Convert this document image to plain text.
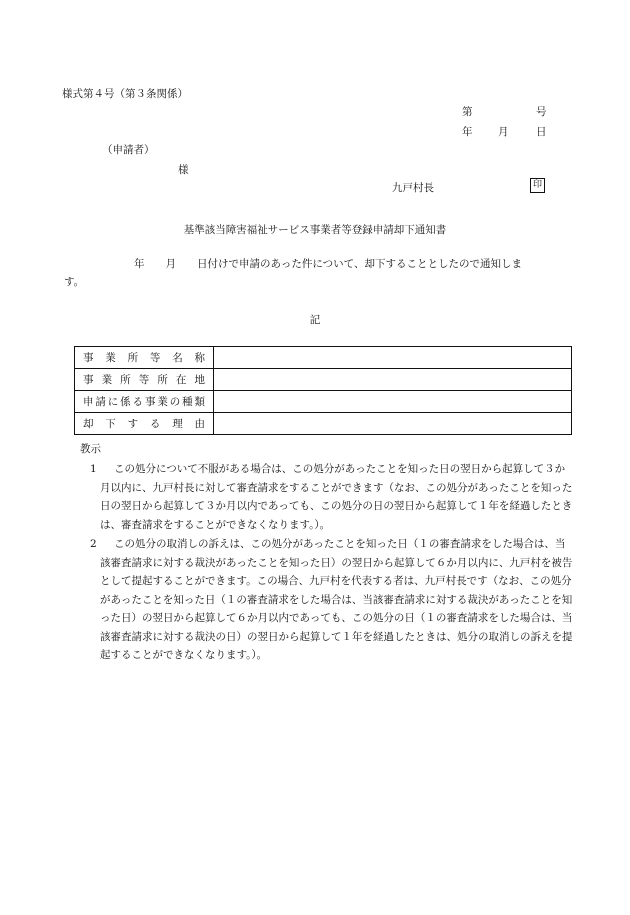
様式第４号（第３条関係）
第	号
年 月	日
（申請者）
様
九戸村長	印
基準該当障害福祉サービス事業者等登録申請却下通知書
年　　月　　日付けで申請のあった件について、却下することとしたので通知しま
す。
記
事業所等名称	
事業所等所在地	
申請に係る事業の種類	
却下する理由	
教示
1	この処分について不服がある場合は、この処分があったことを知った日の翌日から起算して３か月以内に、九戸村長に対して審査請求をすることができます（なお、この処分があったことを知った日の翌日から起算して３か月以内であっても、この処分の日の翌日から起算して１年を経過したときは、審査請求をすることができなくなります。）。
2	この処分の取消しの訴えは、この処分があったことを知った日（１の審査請求をした場合は、当該審査請求に対する裁決があったことを知った日）の翌日から起算して６か月以内に、九戸村を被告として提起することができます。この場合、九戸村を代表する者は、九戸村長です（なお、この処分があったことを知った日（１の審査請求をした場合は、当該審査請求に対する裁決があったことを知った日）の翌日から起算して６か月以内であっても、この処分の日（１の審査請求をした場合は、当該審査請求に対する裁決の日）の翌日から起算して１年を経過したときは、処分の取消しの訴えを提起することができなくなります。）。
